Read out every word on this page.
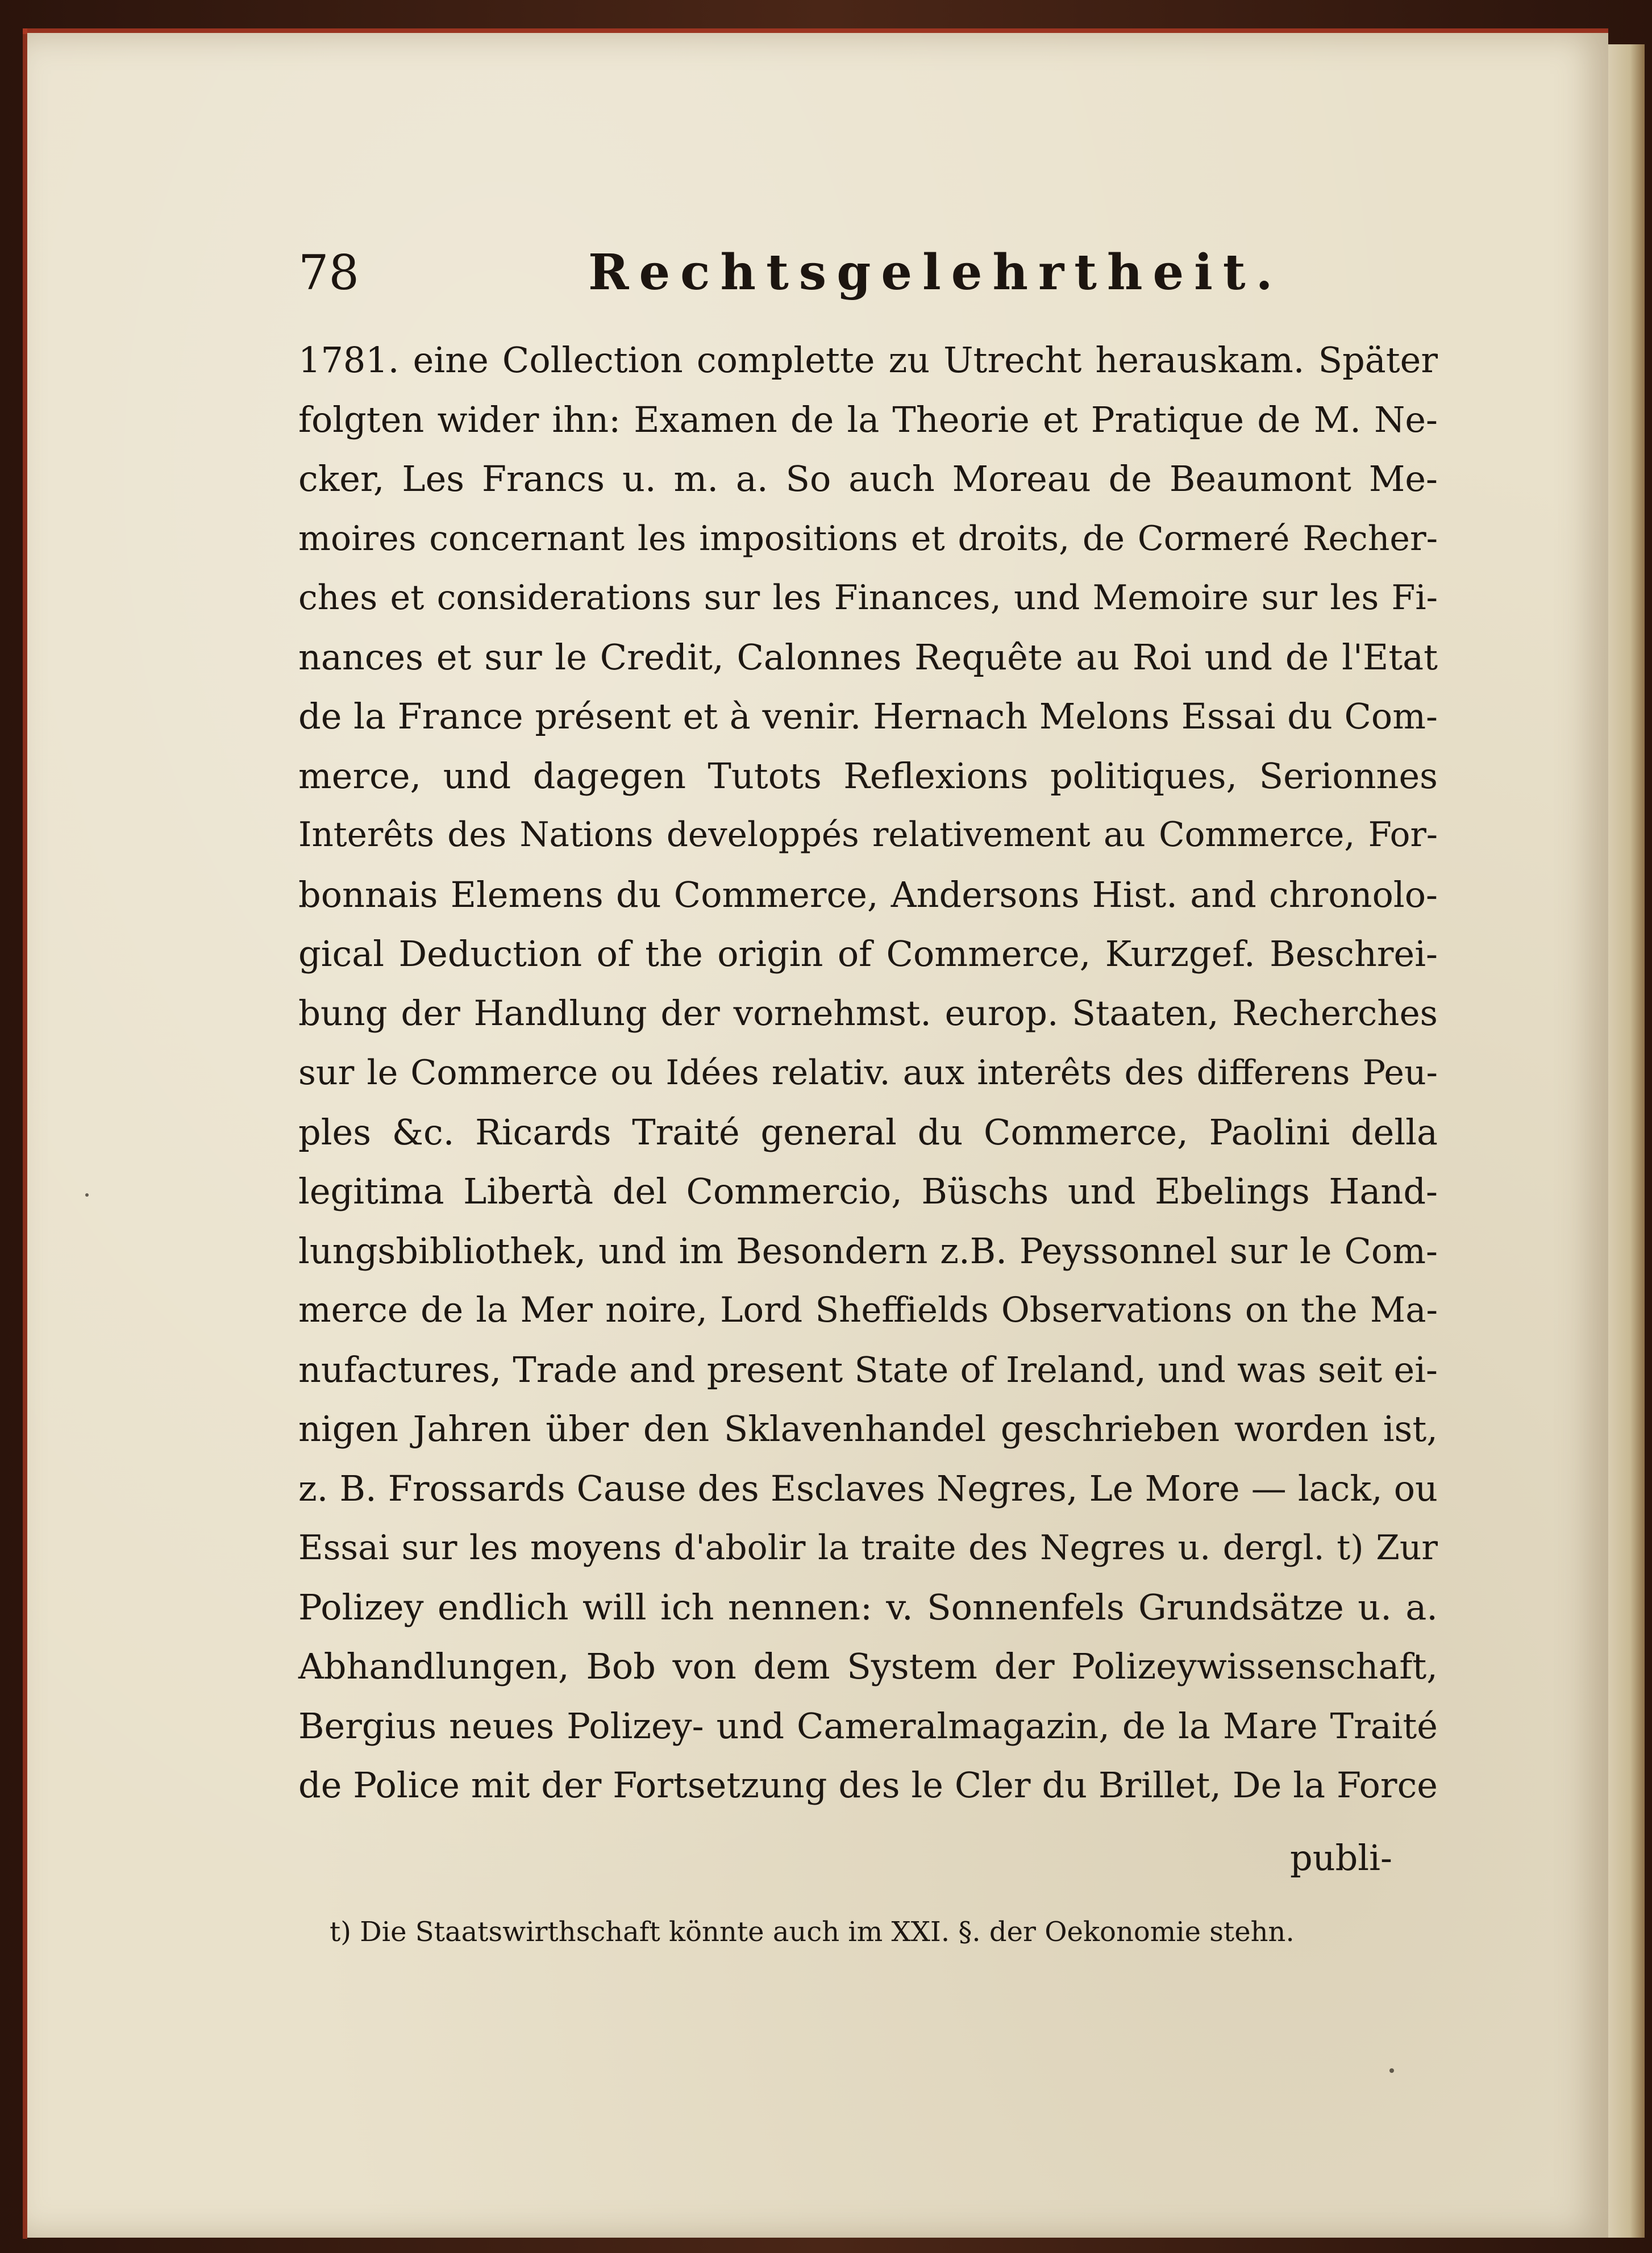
78	Rechtsgelehrtheit.
1781. eine Collection complette zu Utrecht herauskam. Später
folgten wider ihn: Examen de la Theorie et Pratique de M. Ne-
cker, Les Francs u. m. a. So auch Moreau de Beaumont Me-
moires concernant les impositions et droits, de Cormeré Recher-
ches et considerations sur les Finances, und Memoire sur les Fi-
nances et sur le Credit, Calonnes Requête au Roi und de l'Etat
de la France présent et à venir. Hernach Melons Essai du Com-
merce, und dagegen Tutots Reflexions politiques, Serionnes
Interêts des Nations developpés relativement au Commerce, For-
bonnais Elemens du Commerce, Andersons Hist. and chronolo-
gical Deduction of the origin of Commerce, Kurzgef. Beschrei-
bung der Handlung der vornehmst. europ. Staaten, Recherches
sur le Commerce ou Idées relativ. aux interêts des differens Peu-
ples &c. Ricards Traité general du Commerce, Paolini della
legitima Libertà del Commercio, Büschs und Ebelings Hand-
lungsbibliothek, und im Besondern z.B. Peyssonnel sur le Com-
merce de la Mer noire, Lord Sheffields Observations on the Ma-
nufactures, Trade and present State of Ireland, und was seit ei-
nigen Jahren über den Sklavenhandel geschrieben worden ist,
z. B. Frossards Cause des Esclaves Negres, Le More — lack, ou
Essai sur les moyens d'abolir la traite des Negres u. dergl. t) Zur
Polizey endlich will ich nennen: v. Sonnenfels Grundsätze u. a.
Abhandlungen, Bob von dem System der Polizeywissenschaft,
Bergius neues Polizey- und Cameralmagazin, de la Mare Traité
de Police mit der Fortsetzung des le Cler du Brillet, De la Force
publi-
t) Die Staatswirthschaft könnte auch im XXI. §. der Oekonomie stehn.
